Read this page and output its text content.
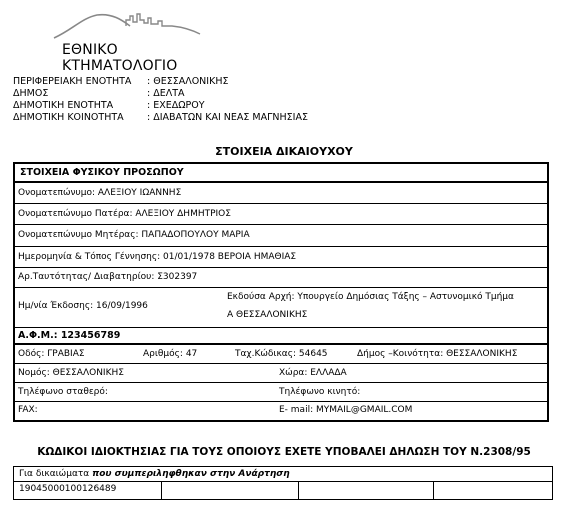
ΕΘΝΙΚΟ ΚΤΗΜΑΤΟΛΟΓΙΟ
ΠΕΡΙΦΕΡΕΙΑΚΗ ΕΝΟΤΗΤΑ	: ΘΕΣΣΑΛΟΝΙΚΗΣ
ΔΗΜΟΣ	: ΔΕΛΤΑ
ΔΗΜΟΤΙΚΗ ΕΝΟΤΗΤΑ	: ΕΧΕΔΩΡΟΥ
ΔΗΜΟΤΙΚΗ ΚΟΙΝΟΤΗΤΑ	: ΔΙΑΒΑΤΩΝ ΚΑΙ ΝΕΑΣ ΜΑΓΝΗΣΙΑΣ
ΣΤΟΙΧΕΙΑ ΔΙΚΑΙΟΥΧΟΥ
ΣΤΟΙΧΕΙΑ ΦΥΣΙΚΟΥ ΠΡΟΣΩΠΟΥ
Ονοματεπώνυμο: ΑΛΕΞΙΟΥ ΙΩΑΝΝΗΣ
Ονοματεπώνυμο Πατέρα: ΑΛΕΞΙΟΥ ΔΗΜΗΤΡΙΟΣ
Ονοματεπώνυμο Μητέρας: ΠΑΠΑΔΟΠΟΥΛΟΥ ΜΑΡΙΑ
Ημερομηνία & Τόπος Γέννησης: 01/01/1978 ΒΕΡΟΙΑ ΗΜΑΘΙΑΣ
Αρ.Ταυτότητας/ Διαβατηρίου: Σ302397
Ημ/νία Έκδοσης: 16/09/1996
Εκδούσα Αρχή: Υπουργείο Δημόσιας Τάξης – Αστυνομικό Τμήμα
Α ΘΕΣΣΑΛΟΝΙΚΗΣ
Α.Φ.Μ.: 123456789
Οδός: ΓΡΑΒΙΑΣ	Αριθμός: 47	Ταχ.Κώδικας: 54645	Δήμος –Κοινότητα: ΘΕΣΣΑΛΟΝΙΚΗΣ
Νομός: ΘΕΣΣΑΛΟΝΙΚΗΣ	Χώρα: ΕΛΛΑΔΑ
Τηλέφωνο σταθερό:	Τηλέφωνο κινητό:
FAX:	E- mail: MYMAIL@GMAIL.COM
ΚΩΔΙΚΟΙ ΙΔΙΟΚΤΗΣΙΑΣ ΓΙΑ ΤΟΥΣ ΟΠΟΙΟΥΣ ΕΧΕΤΕ ΥΠΟΒΑΛΕΙ ΔΗΛΩΣΗ ΤΟΥ Ν.2308/95
Για δικαιώματα που συμπεριληφθηκαν στην Ανάρτηση
19045000100126489
